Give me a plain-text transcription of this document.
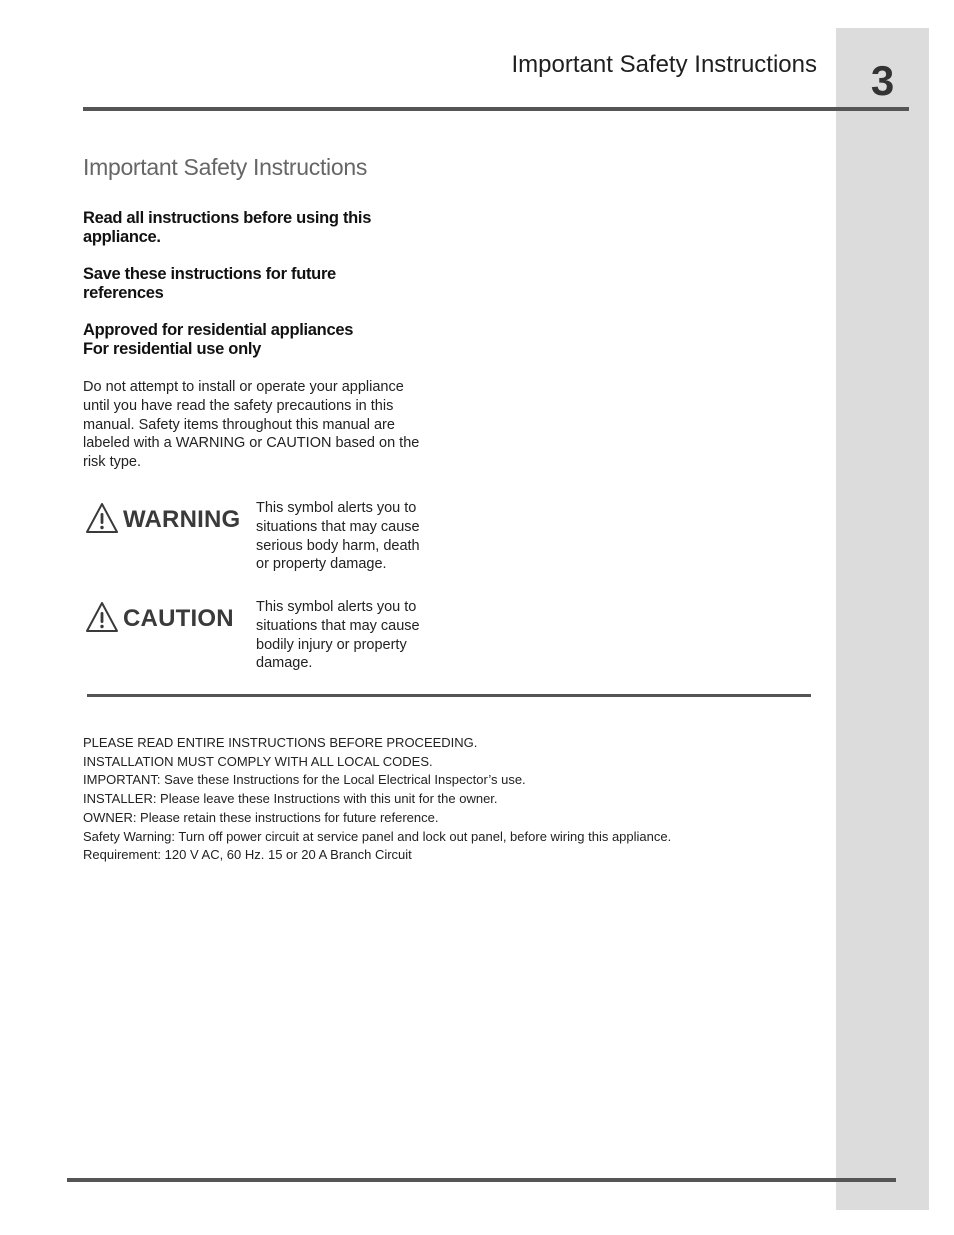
3
Important Safety Instructions
Important Safety Instructions
Read all instructions before using this
appliance.
Save these instructions for future
references
Approved for residential appliances
For residential use only
Do not attempt to install or operate your appliance
until you have read the safety precautions in this
manual. Safety items throughout this manual are
labeled with a WARNING or CAUTION based on the
risk type.
WARNING This symbol alerts you to
situations that may cause
serious body harm, death
or property damage.
CAUTION This symbol alerts you to
situations that may cause
bodily injury or property
damage.
PLEASE READ ENTIRE INSTRUCTIONS BEFORE PROCEEDING.
INSTALLATION MUST COMPLY WITH ALL LOCAL CODES.
IMPORTANT: Save these Instructions for the Local Electrical Inspector’s use.
INSTALLER: Please leave these Instructions with this unit for the owner.
OWNER: Please retain these instructions for future reference.
Safety Warning: Turn off power circuit at service panel and lock out panel, before wiring this appliance.
Requirement: 120 V AC, 60 Hz. 15 or 20 A Branch Circuit
